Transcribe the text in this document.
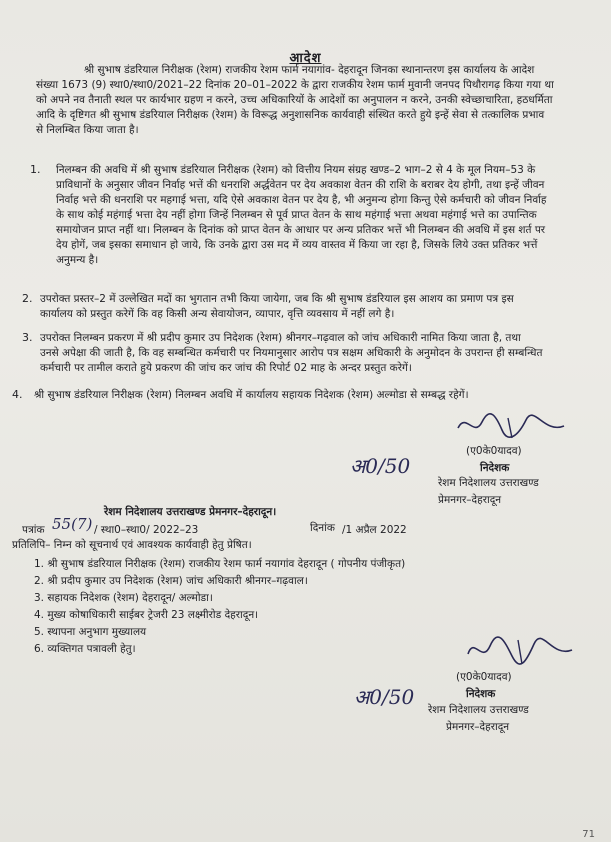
आदेश
श्री सुभाष डंडरियाल निरीक्षक (रेशम) राजकीय रेशम फार्म नयागांव- देहरादून जिनका स्थानान्तरण इस कार्यालय के आदेश
संख्या 1673 (9) स्था0/स्था0/2021–22 दिनांक 20–01–2022 के द्वारा राजकीय रेशम फार्म मुवानी जनपद पिथौरागढ़ किया गया था
को अपने नव तैनाती स्थल पर कार्यभार ग्रहण न करने, उच्च अधिकारियों के आदेशों का अनुपालन न करने, उनकी स्वेच्छाचारिता, हठधर्मिता
आदि के दृष्टिगत श्री सुभाष डंडरियाल निरीक्षक (रेशम) के विरूद्ध अनुशासनिक कार्यवाही संस्थित करते हुये इन्हें सेवा से तत्कालिक प्रभाव
से निलम्बित किया जाता है।
1. निलम्बन की अवधि में श्री सुभाष डंडरियाल निरीक्षक (रेशम) को वित्तीय नियम संग्रह खण्ड–2 भाग–2 से 4 के मूल नियम–53 के
प्राविधानों के अनुसार जीवन निर्वाह भत्तें की धनराशि अर्द्धवेतन पर देय अवकाश वेतन की राशि के बराबर देय होगी, तथा इन्हें जीवन
निर्वाह भत्ते की धनराशि पर महगाई भत्ता, यदि ऐसे अवकाश वेतन पर देय है, भी अनुमन्य होगा किन्तु ऐसे कर्मचारी को जीवन निर्वाह
के साथ कोई महंगाई भत्ता देय नहीं होगा जिन्हें निलम्बन से पूर्व प्राप्त वेतन के साथ महंगाई भत्ता अथवा महंगाई भत्ते का उपान्तिक
समायोजन प्राप्त नहीं था। निलम्बन के दिनांक को प्राप्त वेतन के आधार पर अन्य प्रतिकर भत्तें भी निलम्बन की अवधि में इस शर्त पर
देय होगें, जब इसका समाधान हो जाये, कि उनके द्वारा उस मद में व्यय वास्तव में किया जा रहा है, जिसके लिये उक्त प्रतिकर भत्तें
अनुमन्य है।
2. उपरोक्त प्रस्तर–2 में उल्लेखित मदों का भुगतान तभी किया जायेगा, जब कि श्री सुभाष डंडरियाल इस आशय का प्रमाण पत्र इस
कार्यालय को प्रस्तुत करेगें कि वह किसी अन्य सेवायोजन, व्यापार, वृत्ति व्यवसाय में नहीं लगे है।
3. उपरोक्त निलम्बन प्रकरण में श्री प्रदीप कुमार उप निदेशक (रेशम) श्रीनगर–गढ़वाल को जांच अधिकारी नामित किया जाता है, तथा
उनसे अपेक्षा की जाती है, कि वह सम्बन्धित कर्मचारी पर नियमानुसार आरोप पत्र सक्षम अधिकारी के अनुमोदन के उपरान्त ही सम्बन्धित
कर्मचारी पर तामील कराते हुये प्रकरण की जांच कर जांच की रिपोर्ट 02 माह के अन्दर प्रस्तुत करेगें।
4. श्री सुभाष डंडरियाल निरीक्षक (रेशम) निलम्बन अवधि में कार्यालय सहायक निदेशक (रेशम) अल्मोडा से सम्बद्ध रहेगें।
(ए0के0यादव)
निदेशक
रेशम निदेशालय उत्तराखण्ड
प्रेमनगर–देहरादून
अ0/50
रेशम निदेशालय उत्तराखण्ड प्रेमनगर–देहरादून।
पत्रांक 55(7) / स्था0–स्था0/ 2022–23	दिनांक /1 अप्रैल 2022
प्रतिलिपि– निम्न को सूचनार्थ एवं आवश्यक कार्यवाही हेतु प्रेषित।
1. श्री सुभाष डंडरियाल निरीक्षक (रेशम) राजकीय रेशम फार्म नयागांव देहरादून ( गोपनीय पंजीकृत)
2. श्री प्रदीप कुमार उप निदेशक (रेशम) जांच अधिकारी श्रीनगर–गढ़वाल।
3. सहायक निदेशक (रेशम) देहरादून/ अल्मोडा।
4. मुख्य कोषाधिकारी साईबर ट्रेजरी 23 लक्ष्मीरोड देहरादून।
5. स्थापना अनुभाग मुख्यालय
6. व्यक्तिगत पत्रावली हेतु।
(ए0के0यादव)
निदेशक
रेशम निदेशालय उत्तराखण्ड
प्रेमनगर–देहरादून
अ0/50
71
